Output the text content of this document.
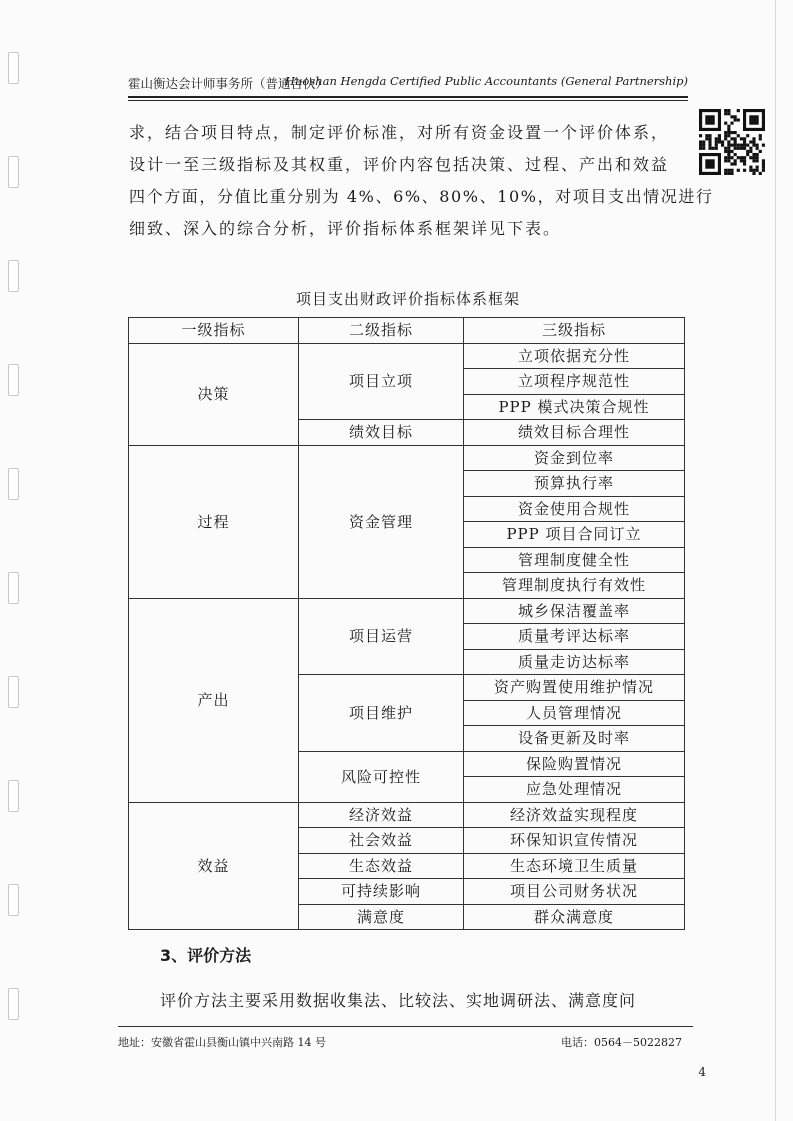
霍山衡达会计师事务所（普通合伙）
Huoshan Hengda Certified Public Accountants (General Partnership)
求，结合项目特点，制定评价标准，对所有资金设置一个评价体系，
设计一至三级指标及其权重，评价内容包括决策、过程、产出和效益
四个方面，分值比重分别为 4%、6%、80%、10%，对项目支出情况进行
细致、深入的综合分析，评价指标体系框架详见下表。
项目支出财政评价指标体系框架
一级指标	二级指标	三级指标
决策	项目立项	立项依据充分性
		立项程序规范性
		PPP 模式决策合规性
	绩效目标	绩效目标合理性
过程	资金管理	资金到位率
		预算执行率
		资金使用合规性
		PPP 项目合同订立
		管理制度健全性
		管理制度执行有效性
产出	项目运营	城乡保洁覆盖率
		质量考评达标率
		质量走访达标率
	项目维护	资产购置使用维护情况
		人员管理情况
		设备更新及时率
	风险可控性	保险购置情况
		应急处理情况
效益	经济效益	经济效益实现程度
	社会效益	环保知识宣传情况
	生态效益	生态环境卫生质量
	可持续影响	项目公司财务状况
	满意度	群众满意度
3、评价方法
评价方法主要采用数据收集法、比较法、实地调研法、满意度问
地址：安徽省霍山县衡山镇中兴南路 14 号	电话：0564－5022827
4
